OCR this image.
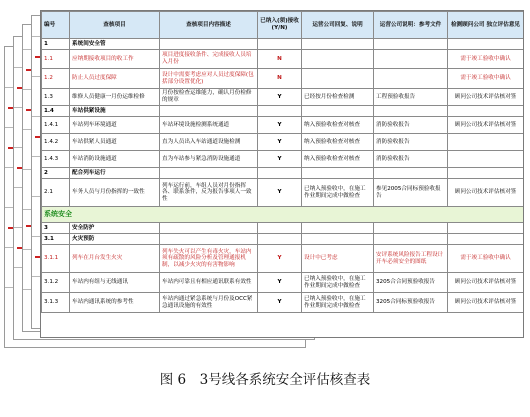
编号	查核项目	查核项目内容描述	已纳入(须)接收(Y/N)	运营公司回复、说明	运营公司说明：参考文件	检测顾问公司 独立评估意见
1	系统间安全管					
1.1	应纳期接收项目的收工作	项目进度接收条件、完成接收人员培入月份	N			需于竣工验收中确认
1.2	防止人员过度保障	设计中需要考虑应对人员过度保障(包括部分设置优化)	N			需于竣工验收中确认
1.3	维修人员健康一月份运维检修	月份按检查运维能力，确认月份检修的规章	Y	已经按月份检查检测	工程预验收报告	顾问公司技术评估核对签
1.4	车站供紧设施					
1.4.1	车站列车环境通道	车站环境设施检测系统通道	Y	纳入预验收检查对核查	消防验收报告	顾问公司技术评估核对签
1.4.2	车站供紧人员通道	直为人员出入车站通道设施检测	Y	纳入预验收检查对核查	消防验收报告	
1.4.3	车站消防设施通道	直为车站参与紧急消防设施通道	Y	纳入预验收检查对核查	消防验收报告	
2	配合列车运行					
2.1	车务人员与月份指挥的一致性	列车运行前，车组人员对月份指挥各、联系条件，反为报告事项人一致性	Y	已纳入预验收中，在施工作业期间完成中做检查	参见2005合同标预验收报告	顾问公司技术评估核对签
系统安全						
3	安全防护					
3.1	火灾预防					
3.1.1	列车在月台发生火灾	列车失火可以产生有毒火灾，车站内须有疏散的风险分析及管理通报机制，以减少火灾的有害物影响	Y	设计中已考虑	安评系统风险报告工程设计开车必须安全的图纸	需于竣工验收中确认
3.1.2	车站内有组与无线通讯	车站内可靠且有相应通讯联系有效性	Y	已纳入预验收中，在施工作业期间完成中做检查	3205合合同预验收报告	顾问公司技术评估核对签
3.1.3	车站内通讯系统的参考性	车站内通过紧急系统与月份及OCC紧急通讯设施的有效性	Y	已纳入预验收中，在施工作业期间完成中做检查	3205合同标预验收报告	顾问公司技术评估核对签
图 6　3号线各系统安全评估核查表
